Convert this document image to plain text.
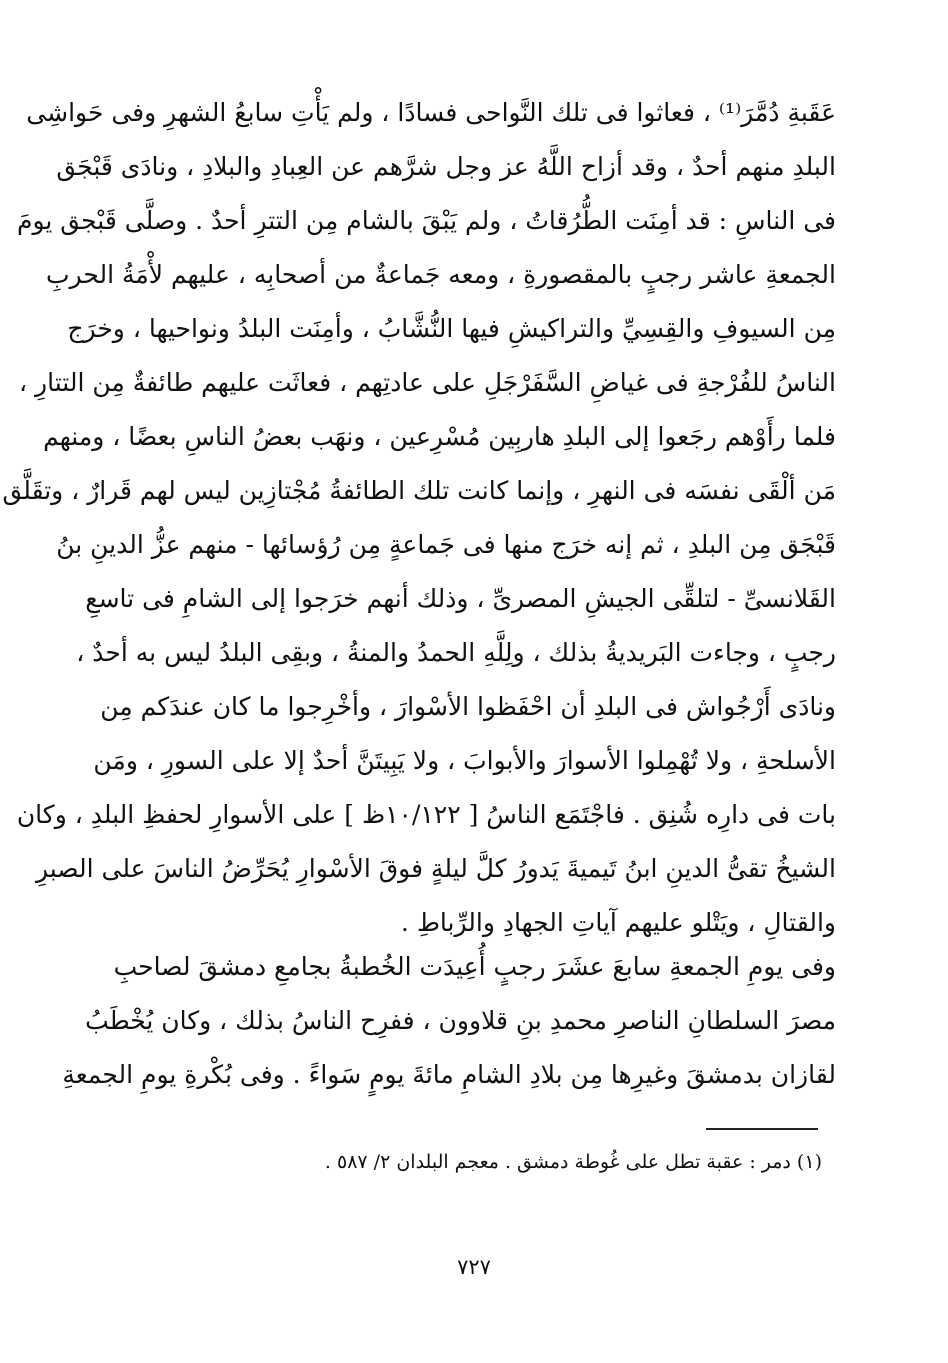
عَقَبةِ دُمَّرَ⁽¹⁾ ، فعاثوا فى تلك النَّواحى فسادًا ، ولم يَأْتِ سابعُ الشهرِ وفى حَواشِى
البلدِ منهم أحدٌ ، وقد أزاح اللَّهُ عز وجل شرَّهم عن العِبادِ والبلادِ ، ونادَى قَبْجَق
فى الناسِ : قد أمِنَت الطُّرُقاتُ ، ولم يَبْقَ بالشام مِن التترِ أحدٌ . وصلَّى قَبْجق يومَ
الجمعةِ عاشر رجبٍ بالمقصورةِ ، ومعه جَماعةٌ من أصحابِه ، عليهم لأْمَةُ الحربِ
مِن السيوفِ والقِسِيِّ والتراكيشِ فيها النُّشَّابُ ، وأمِنَت البلدُ ونواحيها ، وخرَج
الناسُ للفُرْجةِ فى غياضِ السَّفَرْجَلِ على عادتِهم ، فعاثَت عليهم طائفةٌ مِن التتارِ ،
فلما رأَوْهم رجَعوا إلى البلدِ هاربِين مُسْرِعين ، ونهَب بعضُ الناسِ بعضًا ، ومنهم
مَن ألْقَى نفسَه فى النهرِ ، وإنما كانت تلك الطائفةُ مُجْتازِين ليس لهم قَرارٌ ، وتقَلَّق
قَبْجَق مِن البلدِ ، ثم إنه خرَج منها فى جَماعةٍ مِن رُؤسائها - منهم عزُّ الدينِ بنُ
القَلانسىِّ - لتلقِّى الجيشِ المصرىِّ ، وذلك أنهم خرَجوا إلى الشامِ فى تاسعِ
رجبٍ ، وجاءت البَريديةُ بذلك ، ولِلَّهِ الحمدُ والمنةُ ، وبقِى البلدُ ليس به أحدٌ ،
ونادَى أَرْجُواش فى البلدِ أن احْفَظوا الأسْوارَ ، وأخْرِجوا ما كان عندَكم مِن
الأسلحةِ ، ولا تُهْمِلوا الأسوارَ والأبوابَ ، ولا يَبِيتَنَّ أحدٌ إلا على السورِ ، ومَن
بات فى دارِه شُنِق . فاجْتَمَع الناسُ [ ١٠/١٢٢ظ ] على الأسوارِ لحفظِ البلدِ ، وكان
الشيخُ تقىُّ الدينِ ابنُ تَيميةَ يَدورُ كلَّ ليلةٍ فوقَ الأسْوارِ يُحَرِّضُ الناسَ على الصبرِ
والقتالِ ، ويَتْلو عليهم آياتِ الجهادِ والرِّباطِ .
وفى يومِ الجمعةِ سابعَ عشَرَ رجبٍ أُعِيدَت الخُطبةُ بجامعِ دمشقَ لصاحبِ
مصرَ السلطانِ الناصرِ محمدِ بنِ قلاوون ، ففرِح الناسُ بذلك ، وكان يُخْطَبُ
لقازان بدمشقَ وغيرِها مِن بلادِ الشامِ مائةَ يومٍ سَواءً . وفى بُكْرةِ يومِ الجمعةِ
(١) دمر : عقبة تطل على غُوطة دمشق . معجم البلدان ٢/ ٥٨٧ .
٧٢٧
